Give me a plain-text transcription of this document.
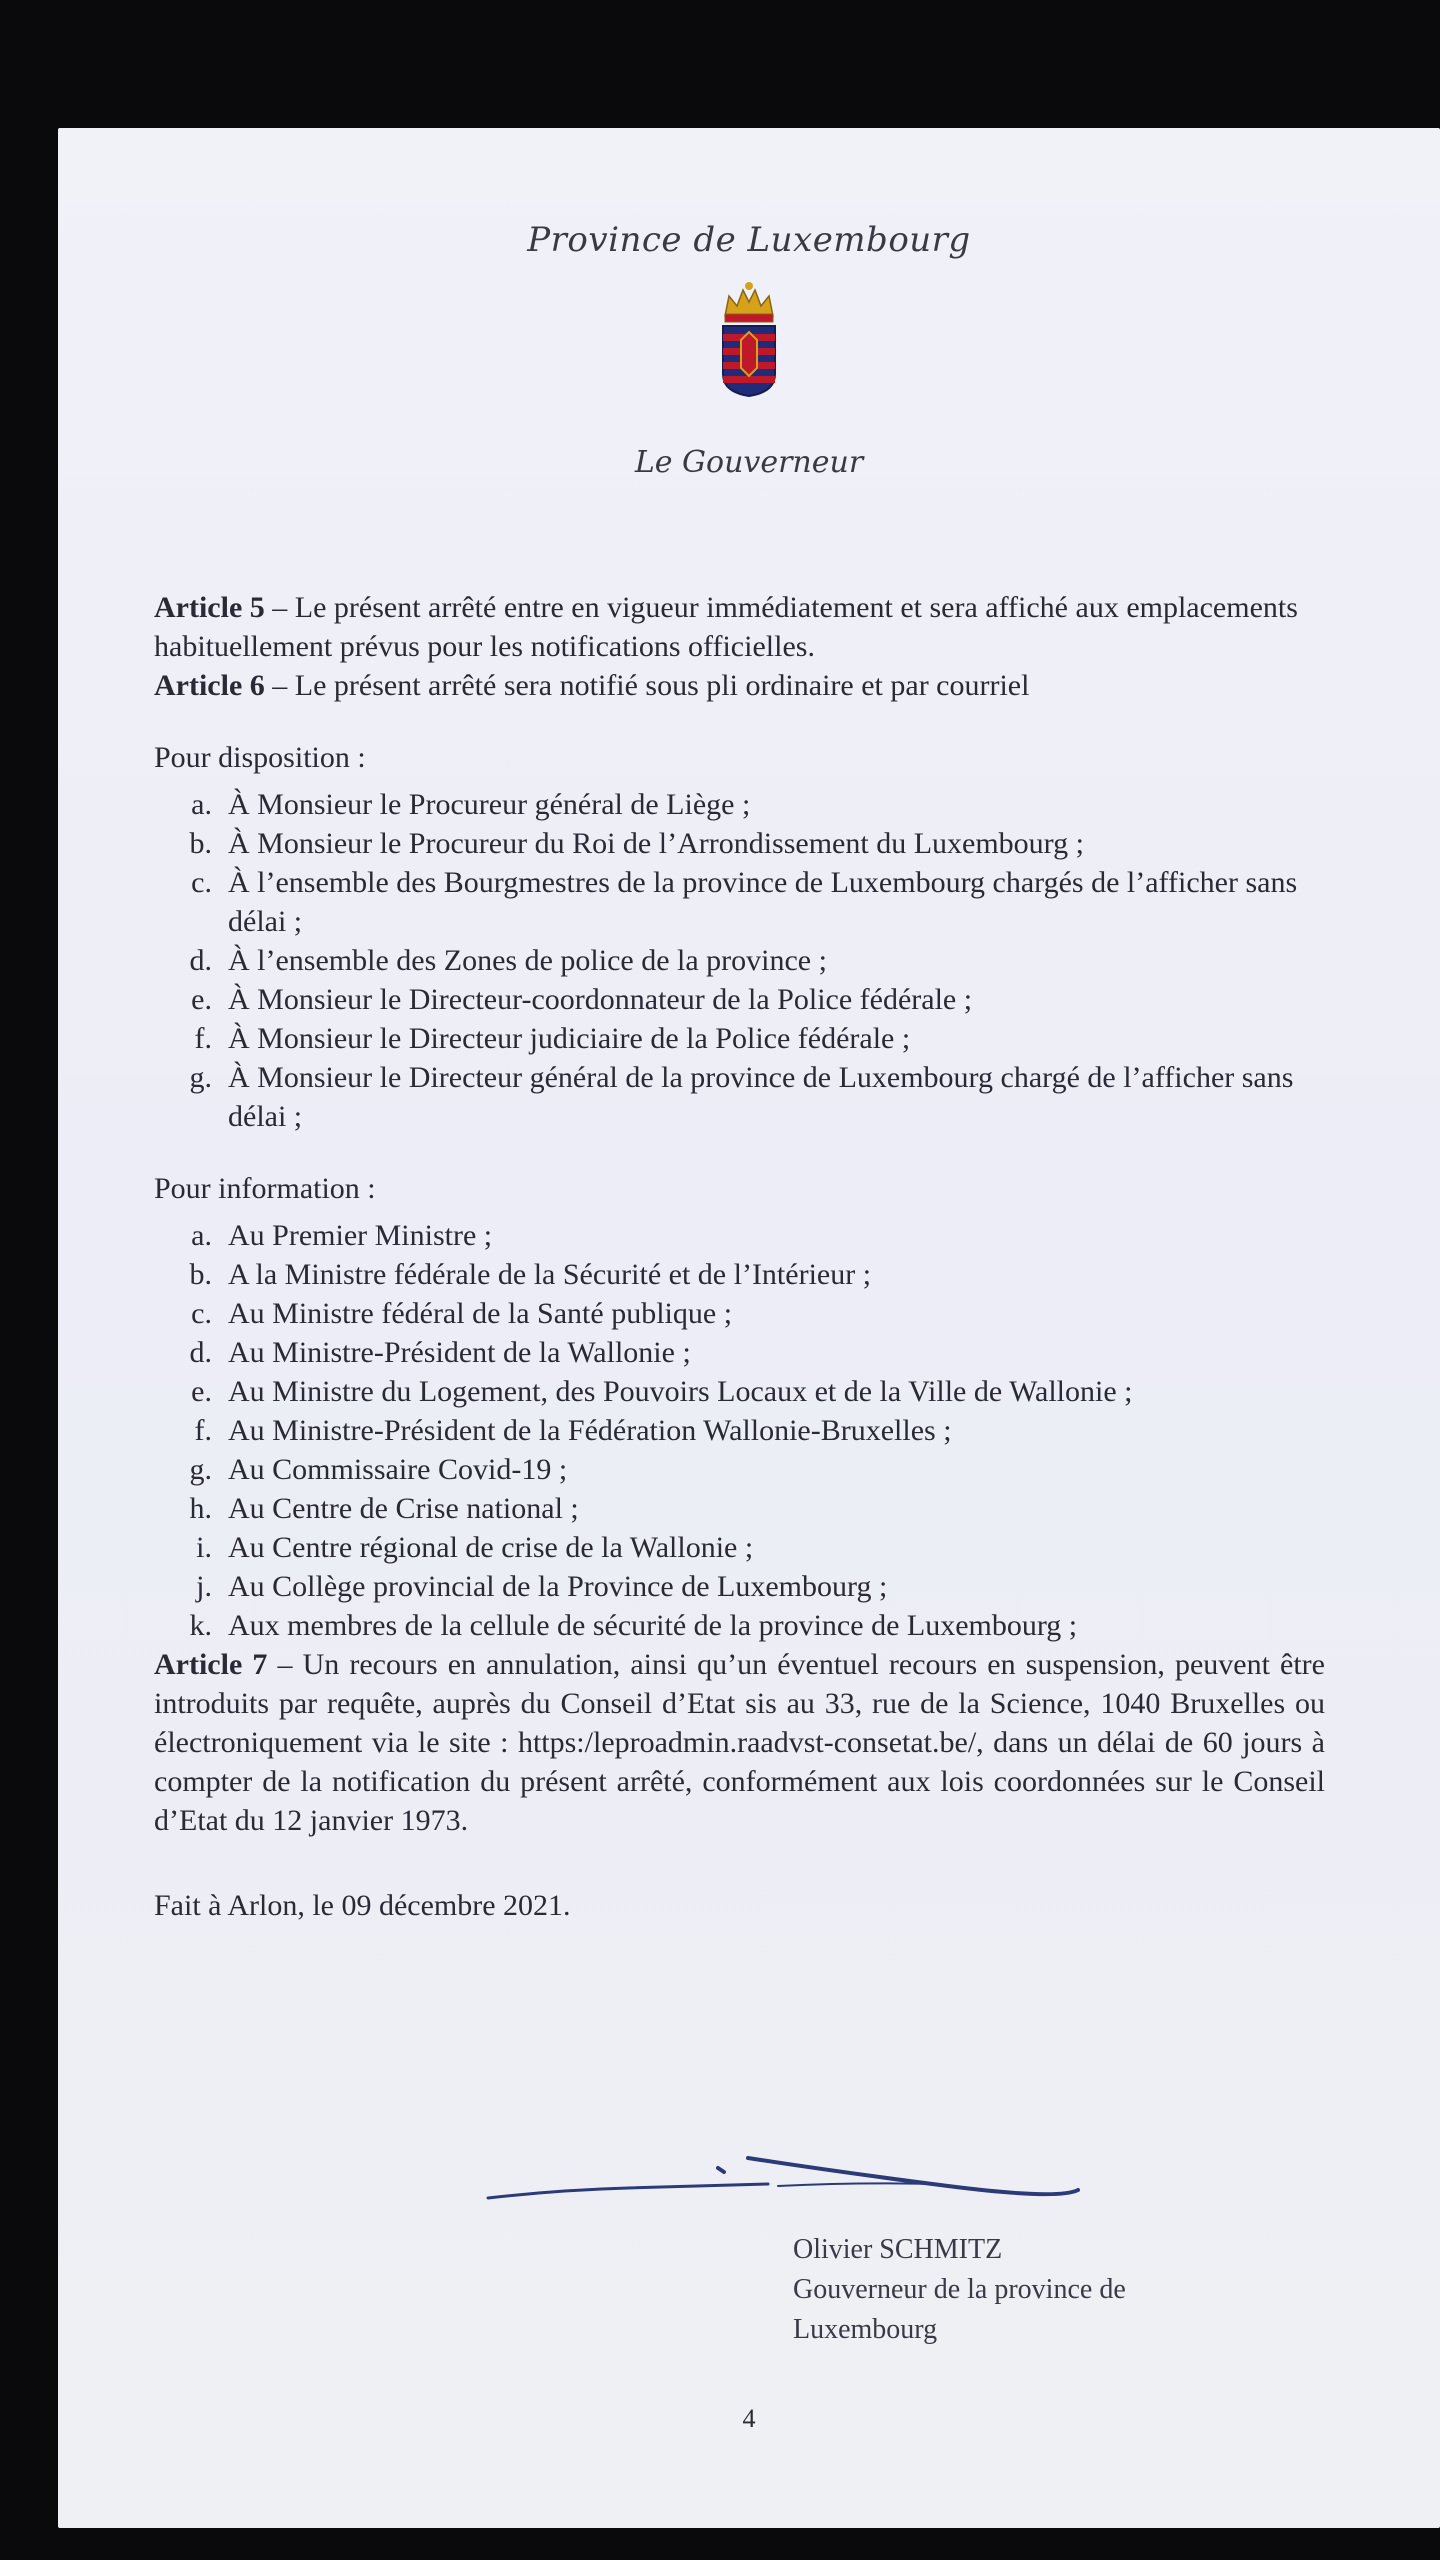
Province de Luxembourg
Le Gouverneur

Article 5 – Le présent arrêté entre en vigueur immédiatement et sera affiché aux emplacements habituellement prévus pour les notifications officielles.

Article 6 – Le présent arrêté sera notifié sous pli ordinaire et par courriel

Pour disposition :

a. À Monsieur le Procureur général de Liège ;
b. À Monsieur le Procureur du Roi de l’Arrondissement du Luxembourg ;
c. À l’ensemble des Bourgmestres de la province de Luxembourg chargés de l’afficher sans délai ;
d. À l’ensemble des Zones de police de la province ;
e. À Monsieur le Directeur-coordonnateur de la Police fédérale ;
f. À Monsieur le Directeur judiciaire de la Police fédérale ;
g. À Monsieur le Directeur général de la province de Luxembourg chargé de l’afficher sans délai ;

Pour information :

a. Au Premier Ministre ;
b. A la Ministre fédérale de la Sécurité et de l’Intérieur ;
c. Au Ministre fédéral de la Santé publique ;
d. Au Ministre-Président de la Wallonie ;
e. Au Ministre du Logement, des Pouvoirs Locaux et de la Ville de Wallonie ;
f. Au Ministre-Président de la Fédération Wallonie-Bruxelles ;
g. Au Commissaire Covid-19 ;
h. Au Centre de Crise national ;
i. Au Centre régional de crise de la Wallonie ;
j. Au Collège provincial de la Province de Luxembourg ;
k. Aux membres de la cellule de sécurité de la province de Luxembourg ;

Article 7 – Un recours en annulation, ainsi qu’un éventuel recours en suspension, peuvent être introduits par requête, auprès du Conseil d’Etat sis au 33, rue de la Science, 1040 Bruxelles ou électroniquement via le site : https:/leproadmin.raadvst-consetat.be/, dans un délai de 60 jours à compter de la notification du présent arrêté, conformément aux lois coordonnées sur le Conseil d’Etat du 12 janvier 1973.

Fait à Arlon, le 09 décembre 2021.

Olivier SCHMITZ
Gouverneur de la province de Luxembourg
4
